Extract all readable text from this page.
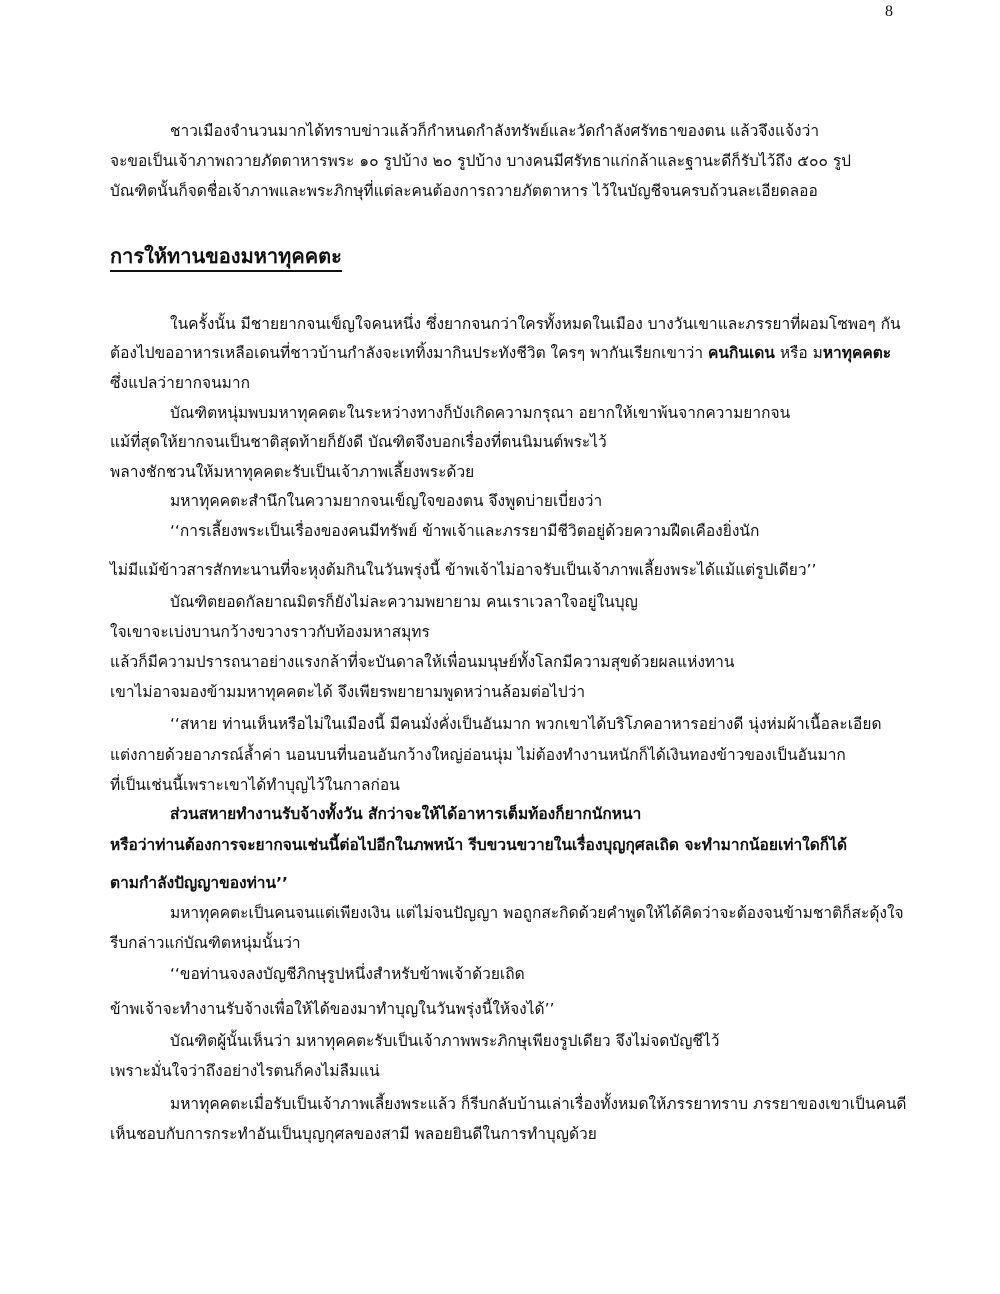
8
ชาวเมืองจำนวนมากได้ทราบข่าวแล้วก็กำหนดกำลังทรัพย์และวัดกำลังศรัทธาของตน แล้วจึงแจ้งว่า
จะขอเป็นเจ้าภาพถวายภัตตาหารพระ ๑๐ รูปบ้าง ๒๐ รูปบ้าง บางคนมีศรัทธาแก่กล้าและฐานะดีก็รับไว้ถึง ๕๐๐ รูป
บัณฑิตนั้นก็จดชื่อเจ้าภาพและพระภิกษุที่แต่ละคนต้องการถวายภัตตาหาร ไว้ในบัญชีจนครบถ้วนละเอียดลออ
การให้ทานของมหาทุคคตะ
ในครั้งนั้น มีชายยากจนเข็ญใจคนหนึ่ง ซึ่งยากจนกว่าใครทั้งหมดในเมือง บางวันเขาและภรรยาที่ผอมโซพอๆ กัน
ต้องไปขออาหารเหลือเดนที่ชาวบ้านกำลังจะเททิ้งมากินประทังชีวิต ใครๆ พากันเรียกเขาว่า คนกินเดน หรือ มหาทุคคตะ
ซึ่งแปลว่ายากจนมาก
บัณฑิตหนุ่มพบมหาทุคคตะในระหว่างทางก็บังเกิดความกรุณา อยากให้เขาพ้นจากความยากจน
แม้ที่สุดให้ยากจนเป็นชาติสุดท้ายก็ยังดี บัณฑิตจึงบอกเรื่องที่ตนนิมนต์พระไว้
พลางชักชวนให้มหาทุคคตะรับเป็นเจ้าภาพเลี้ยงพระด้วย
มหาทุคคตะสำนึกในความยากจนเข็ญใจของตน จึงพูดบ่ายเบี่ยงว่า
‘‘การเลี้ยงพระเป็นเรื่องของคนมีทรัพย์ ข้าพเจ้าและภรรยามีชีวิตอยู่ด้วยความฝืดเคืองยิ่งนัก
ไม่มีแม้ข้าวสารสักทะนานที่จะหุงต้มกินในวันพรุ่งนี้ ข้าพเจ้าไม่อาจรับเป็นเจ้าภาพเลี้ยงพระได้แม้แต่รูปเดียว’’
บัณฑิตยอดกัลยาณมิตรก็ยังไม่ละความพยายาม คนเราเวลาใจอยู่ในบุญ
ใจเขาจะเบ่งบานกว้างขวางราวกับท้องมหาสมุทร
แล้วก็มีความปรารถนาอย่างแรงกล้าที่จะบันดาลให้เพื่อนมนุษย์ทั้งโลกมีความสุขด้วยผลแห่งทาน
เขาไม่อาจมองข้ามมหาทุคคตะได้ จึงเพียรพยายามพูดหว่านล้อมต่อไปว่า
‘‘สหาย ท่านเห็นหรือไม่ในเมืองนี้ มีคนมั่งคั่งเป็นอันมาก พวกเขาได้บริโภคอาหารอย่างดี นุ่งห่มผ้าเนื้อละเอียด
แต่งกายด้วยอาภรณ์ล้ำค่า นอนบนที่นอนอันกว้างใหญ่อ่อนนุ่ม ไม่ต้องทำงานหนักก็ได้เงินทองข้าวของเป็นอันมาก
ที่เป็นเช่นนี้เพราะเขาได้ทำบุญไว้ในกาลก่อน
ส่วนสหายทำงานรับจ้างทั้งวัน สักว่าจะให้ได้อาหารเต็มท้องก็ยากนักหนา
หรือว่าท่านต้องการจะยากจนเช่นนี้ต่อไปอีกในภพหน้า รีบขวนขวายในเรื่องบุญกุศลเถิด จะทำมากน้อยเท่าใดก็ได้
ตามกำลังปัญญาของท่าน’’
มหาทุคคตะเป็นคนจนแต่เพียงเงิน แต่ไม่จนปัญญา พอถูกสะกิดด้วยคำพูดให้ได้คิดว่าจะต้องจนข้ามชาติก็สะดุ้งใจ
รีบกล่าวแก่บัณฑิตหนุ่มนั้นว่า
‘‘ขอท่านจงลงบัญชีภิกษุรูปหนึ่งสำหรับข้าพเจ้าด้วยเถิด
ข้าพเจ้าจะทำงานรับจ้างเพื่อให้ได้ของมาทำบุญในวันพรุ่งนี้ให้จงได้’’
บัณฑิตผู้นั้นเห็นว่า มหาทุคคตะรับเป็นเจ้าภาพพระภิกษุเพียงรูปเดียว จึงไม่จดบัญชีไว้
เพราะมั่นใจว่าถึงอย่างไรตนก็คงไม่ลืมแน่
มหาทุคคตะเมื่อรับเป็นเจ้าภาพเลี้ยงพระแล้ว ก็รีบกลับบ้านเล่าเรื่องทั้งหมดให้ภรรยาทราบ ภรรยาของเขาเป็นคนดี
เห็นชอบกับการกระทำอันเป็นบุญกุศลของสามี พลอยยินดีในการทำบุญด้วย
